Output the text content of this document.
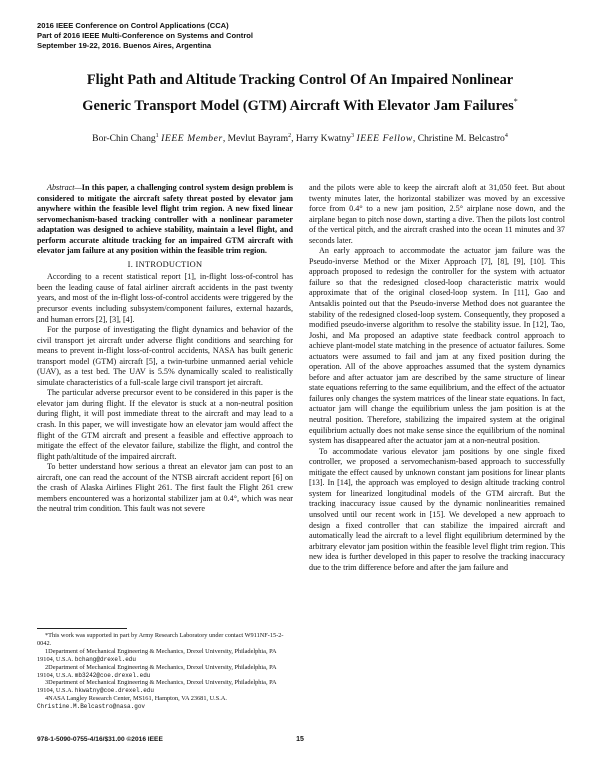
2016 IEEE Conference on Control Applications (CCA)
Part of 2016 IEEE Multi-Conference on Systems and Control
September 19-22, 2016. Buenos Aires, Argentina
Flight Path and Altitude Tracking Control Of An Impaired Nonlinear
Generic Transport Model (GTM) Aircraft With Elevator Jam Failures*
Bor-Chin Chang$^1$ IEEE Member, Mevlut Bayram$^2$, Harry Kwatny$^3$ IEEE Fellow, Christine M. Belcastro$^4$

Abstract—In this paper, a challenging control system design problem is considered to mitigate the aircraft safety threat posted by elevator jam anywhere within the feasible level flight trim region. A new fixed linear servomechanism-based tracking controller with a nonlinear parameter adaptation was designed to achieve stability, maintain a level flight, and perform accurate altitude tracking for an impaired GTM aircraft with elevator jam failure at any position within the feasible trim region.

I. INTRODUCTION

According to a recent statistical report [1], in-flight loss-of-control has been the leading cause of fatal airliner aircraft accidents in the past twenty years, and most of the in-flight loss-of-control accidents were triggered by the precursor events including subsystem/component failures, external hazards, and human errors [2], [3], [4].

For the purpose of investigating the flight dynamics and behavior of the civil transport jet aircraft under adverse flight conditions and searching for means to prevent in-flight loss-of-control accidents, NASA has built generic transport model (GTM) aircraft [5], a twin-turbine unmanned aerial vehicle (UAV), as a test bed. The UAV is 5.5% dynamically scaled to realistically simulate characteristics of a full-scale large civil transport jet aircraft.

The particular adverse precursor event to be considered in this paper is the elevator jam during flight. If the elevator is stuck at a non-neutral position during flight, it will post immediate threat to the aircraft and may lead to a crash. In this paper, we will investigate how an elevator jam would affect the flight of the GTM aircraft and present a feasible and effective approach to mitigate the effect of the elevator failure, stabilize the flight, and control the flight path/altitude of the impaired aircraft.

To better understand how serious a threat an elevator jam can post to an aircraft, one can read the account of the NTSB aircraft accident report [6] on the crash of Alaska Airlines Flight 261. The first fault the Flight 261 crew members encountered was a horizontal stabilizer jam at 0.4°, which was near the neutral trim condition. This fault was not severe

*This work was supported in part by Army Research Laboratory under contact W911NF-15-2-0042.
1Department of Mechanical Engineering & Mechanics, Drexel University, Philadelphia, PA 19104, U.S.A. bchang@drexel.edu
2Department of Mechanical Engineering & Mechanics, Drexel University, Philadelphia, PA 19104, U.S.A. mb3242@coe.drexel.edu
3Department of Mechanical Engineering & Mechanics, Drexel University, Philadelphia, PA 19104, U.S.A. hkwatny@coe.drexel.edu
4NASA Langley Research Center, MS161, Hampton, VA 23681, U.S.A. Christine.M.Belcastro@nasa.gov

and the pilots were able to keep the aircraft aloft at 31,050 feet. But about twenty minutes later, the horizontal stabilizer was moved by an excessive force from 0.4° to a new jam position, 2.5° airplane nose down, and the airplane began to pitch nose down, starting a dive. Then the pilots lost control of the vertical pitch, and the aircraft crashed into the ocean 11 minutes and 37 seconds later.

An early approach to accommodate the actuator jam failure was the Pseudo-inverse Method or the Mixer Approach [7], [8], [9], [10]. This approach proposed to redesign the controller for the system with actuator failure so that the redesigned closed-loop characteristic matrix would approximate that of the original closed-loop system. In [11], Gao and Antsaklis pointed out that the Pseudo-inverse Method does not guarantee the stability of the redesigned closed-loop system. Consequently, they proposed a modified pseudo-inverse algorithm to resolve the stability issue. In [12], Tao, Joshi, and Ma proposed an adaptive state feedback control approach to achieve plant-model state matching in the presence of actuator failures. Some actuators were assumed to fail and jam at any fixed position during the operation. All of the above approaches assumed that the system dynamics before and after actuator jam are described by the same structure of linear state equations referring to the same equilibrium, and the effect of the actuator failures only changes the system matrices of the linear state equations. In fact, actuator jam will change the equilibrium unless the jam position is at the neutral position. Therefore, stabilizing the impaired system at the original equilibrium actually does not make sense since the equilibrium of the nominal system has disappeared after the actuator jam at a non-neutral position.

To accommodate various elevator jam positions by one single fixed controller, we proposed a servomechanism-based approach to successfully mitigate the effect caused by unknown constant jam positions for linear plants [13]. In [14], the approach was employed to design altitude tracking control system for linearized longitudinal models of the GTM aircraft. But the tracking inaccuracy issue caused by the dynamic nonlinearities remained unsolved until our recent work in [15]. We developed a new approach to design a fixed controller that can stabilize the impaired aircraft and automatically lead the aircraft to a level flight equilibrium determined by the arbitrary elevator jam position within the feasible level flight trim region. This new idea is further developed in this paper to resolve the tracking inaccuracy due to the trim difference before and after the jam failure and

978-1-5090-0755-4/16/$31.00 ©2016 IEEE	15
